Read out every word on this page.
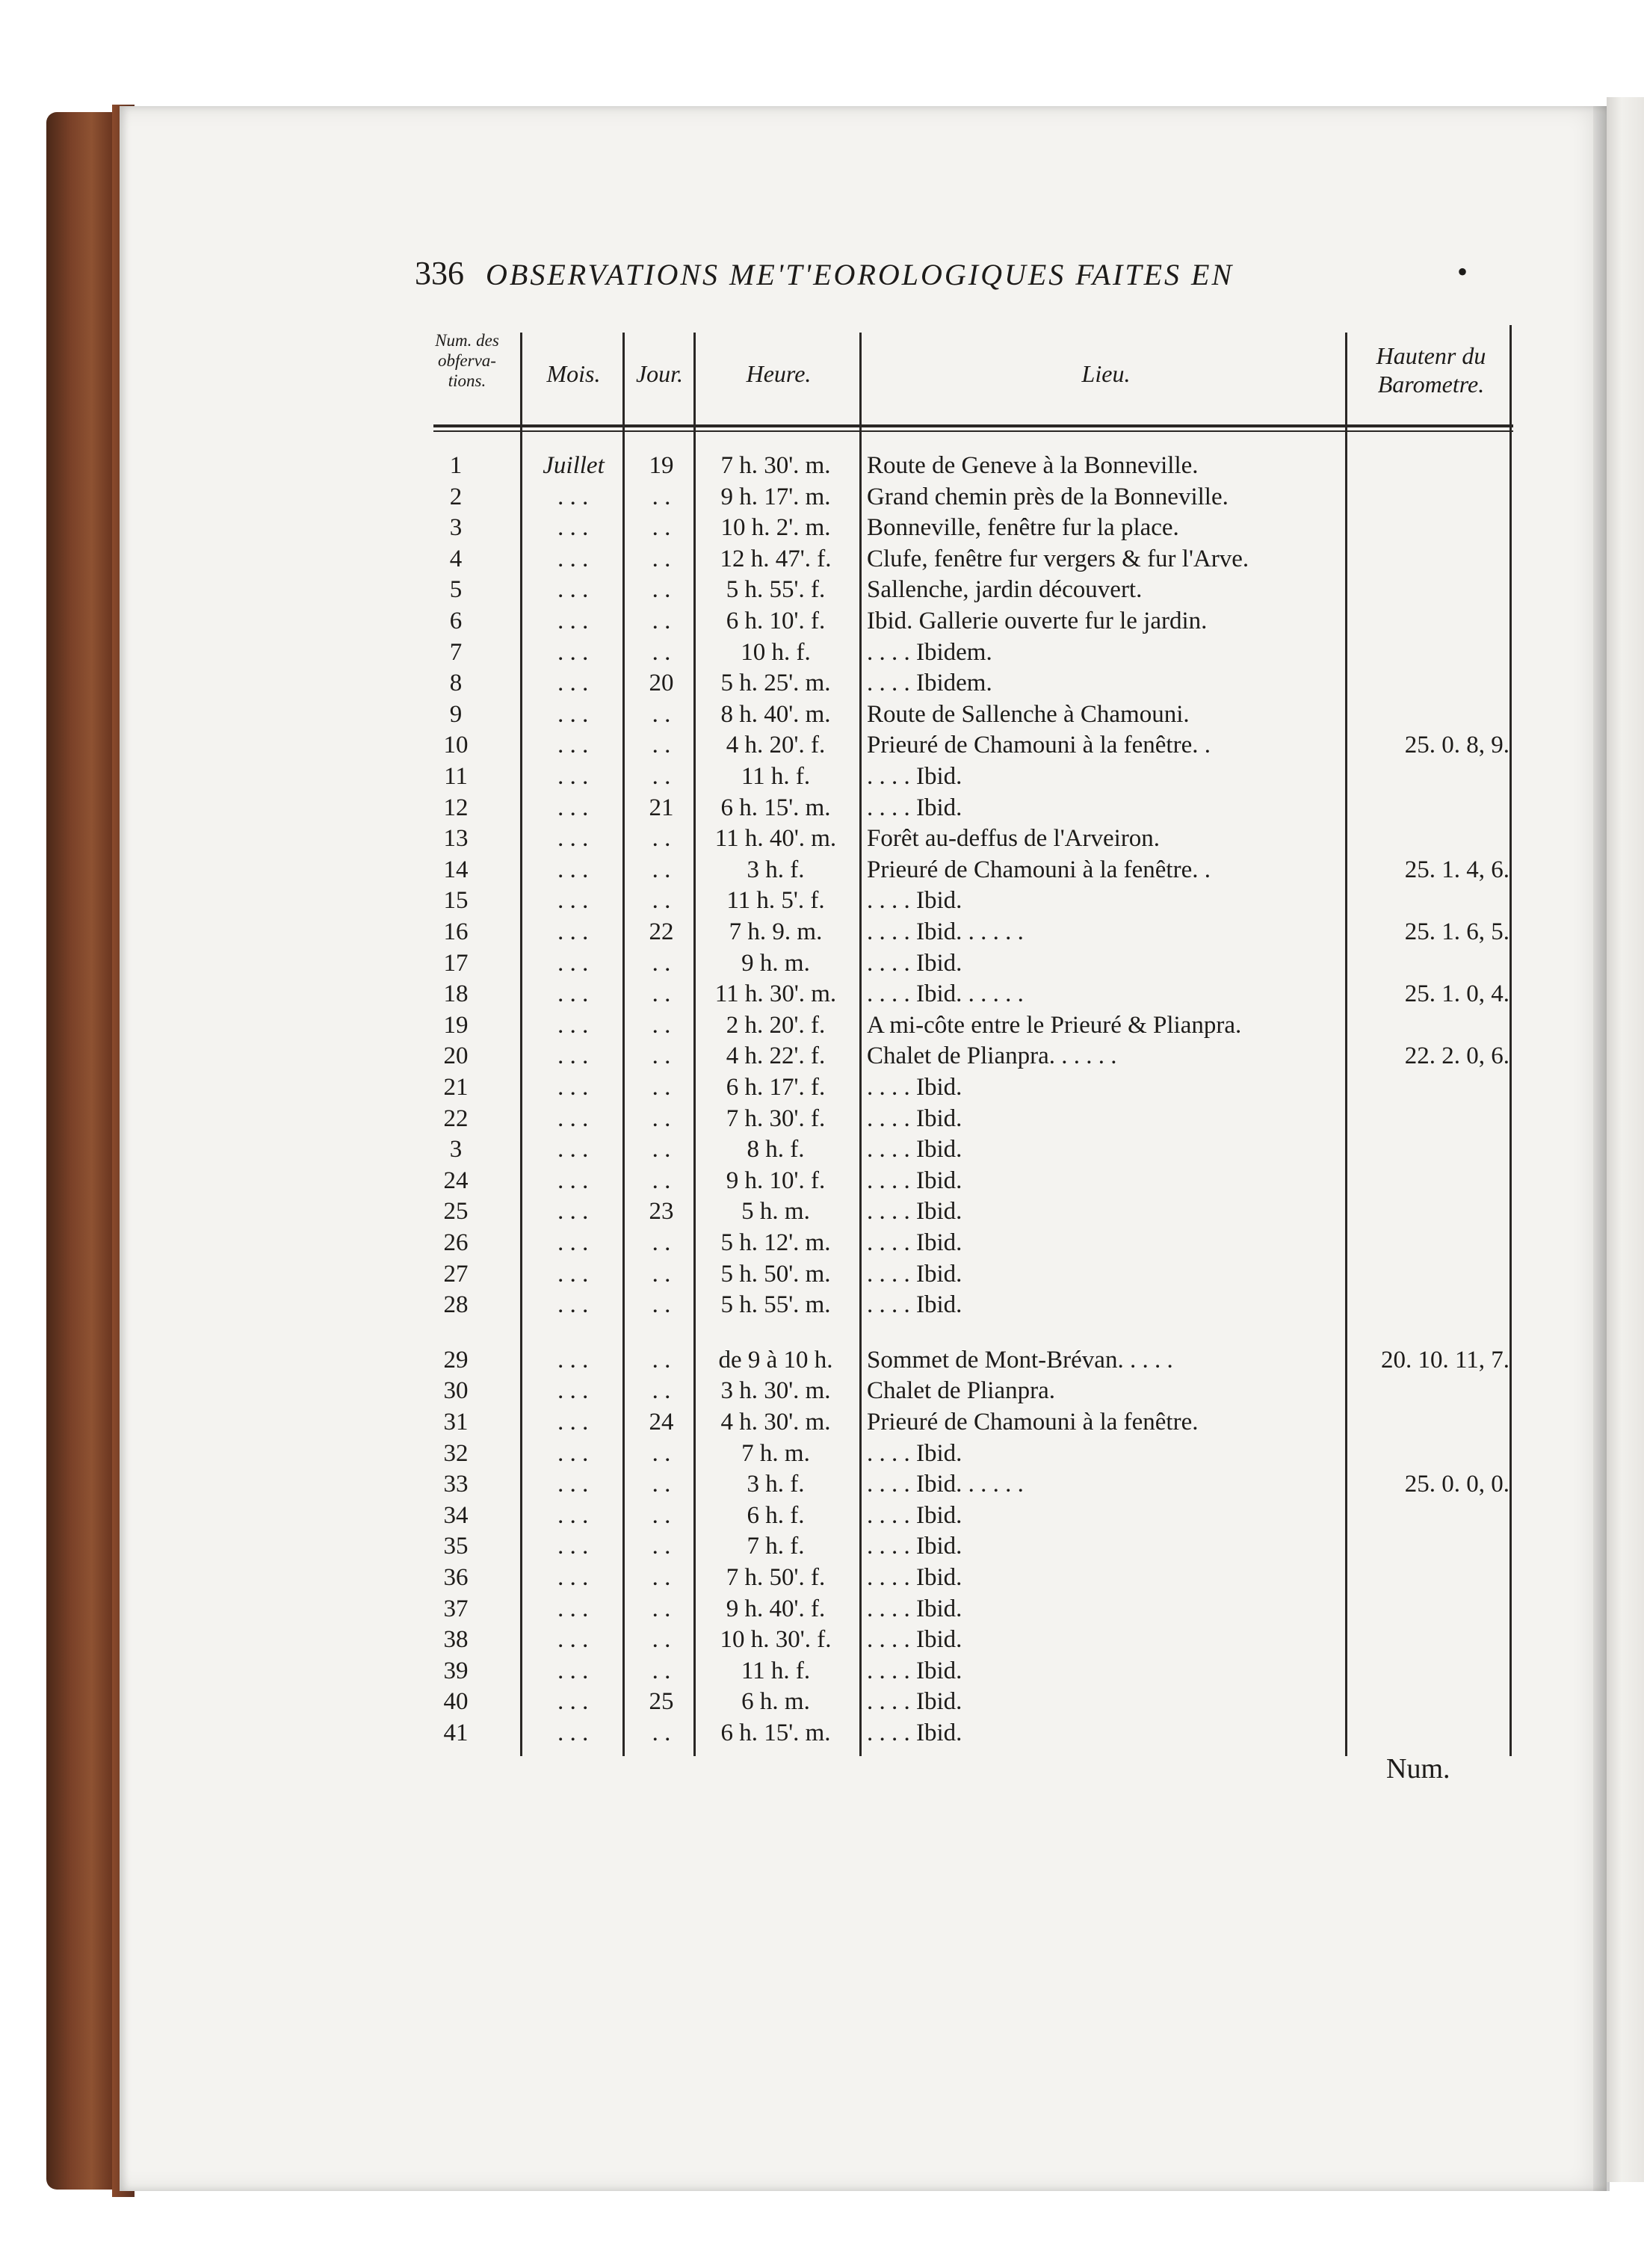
336 OBSERVATIONS ME'T'EOROLOGIQUES FAITES EN	•
Num. des
obfervа-
tions.	Mois.	Jour.	Heure.	Lieu.
Hautenr du
Barometre.
1	Juillet	19	7 h. 30'. m.	Route de Geneve à la Bonneville.
2	. . .	. .	9 h. 17'. m.	Grand chemin près de la Bonneville.
3	. . .	. .	10 h. 2'. m.	Bonneville, fenêtre fur la place.
4	. . .	. .	12 h. 47'. f.	Clufe, fenêtre fur vergers & fur l'Arve.
5	. . .	. .	5 h. 55'. f.	Sallenche, jardin découvert.
6	. . .	. .	6 h. 10'. f.	Ibid. Gallerie ouverte fur le jardin.
7	. . .	. .	10 h. f.	. . . . Ibidem.
8	. . .	20	5 h. 25'. m.	. . . . Ibidem.
9	. . .	. .	8 h. 40'. m.	Route de Sallenche à Chamouni.
10	. . .	. .	4 h. 20'. f.	Prieuré de Chamouni à la fenêtre. .	25. 0. 8, 9.
11	. . .	. .	11 h. f.	. . . . Ibid.
12	. . .	21	6 h. 15'. m.	. . . . Ibid.
13	. . .	. .	11 h. 40'. m.	Forêt au-deffus de l'Arveiron.
14	. . .	. .	3 h. f.	Prieuré de Chamouni à la fenêtre. .	25. 1. 4, 6.
15	. . .	. .	11 h. 5'. f.	. . . . Ibid.
16	. . .	22	7 h. 9. m.	. . . . Ibid. . . . . .	25. 1. 6, 5.
17	. . .	. .	9 h. m.	. . . . Ibid.
18	. . .	. .	11 h. 30'. m.	. . . . Ibid. . . . . .	25. 1. 0, 4.
19	. . .	. .	2 h. 20'. f.	A mi-côte entre le Prieuré & Plianpra.
20	. . .	. .	4 h. 22'. f.	Chalet de Plianpra. . . . . .	22. 2. 0, 6.
21	. . .	. .	6 h. 17'. f.	. . . . Ibid.
22	. . .	. .	7 h. 30'. f.	. . . . Ibid.
3	. . .	. .	8 h. f.	. . . . Ibid.
24	. . .	. .	9 h. 10'. f.	. . . . Ibid.
25	. . .	23	5 h. m.	. . . . Ibid.
26	. . .	. .	5 h. 12'. m.	. . . . Ibid.
27	. . .	. .	5 h. 50'. m.	. . . . Ibid.
28	. . .	. .	5 h. 55'. m.	. . . . Ibid.
29	. . .	. .	de 9 à 10 h.	Sommet de Mont-Brévan. . . . .	20. 10. 11, 7.
30	. . .	. .	3 h. 30'. m.	Chalet de Plianpra.
31	. . .	24	4 h. 30'. m.	Prieuré de Chamouni à la fenêtre.
32	. . .	. .	7 h. m.	. . . . Ibid.
33	. . .	. .	3 h. f.	. . . . Ibid. . . . . .	25. 0. 0, 0.
34	. . .	. .	6 h. f.	. . . . Ibid.
35	. . .	. .	7 h. f.	. . . . Ibid.
36	. . .	. .	7 h. 50'. f.	. . . . Ibid.
37	. . .	. .	9 h. 40'. f.	. . . . Ibid.
38	. . .	. .	10 h. 30'. f.	. . . . Ibid.
39	. . .	. .	11 h. f.	. . . . Ibid.
40	. . .	25	6 h. m.	. . . . Ibid.
41	. . .	. .	6 h. 15'. m.	. . . . Ibid.
Num.
